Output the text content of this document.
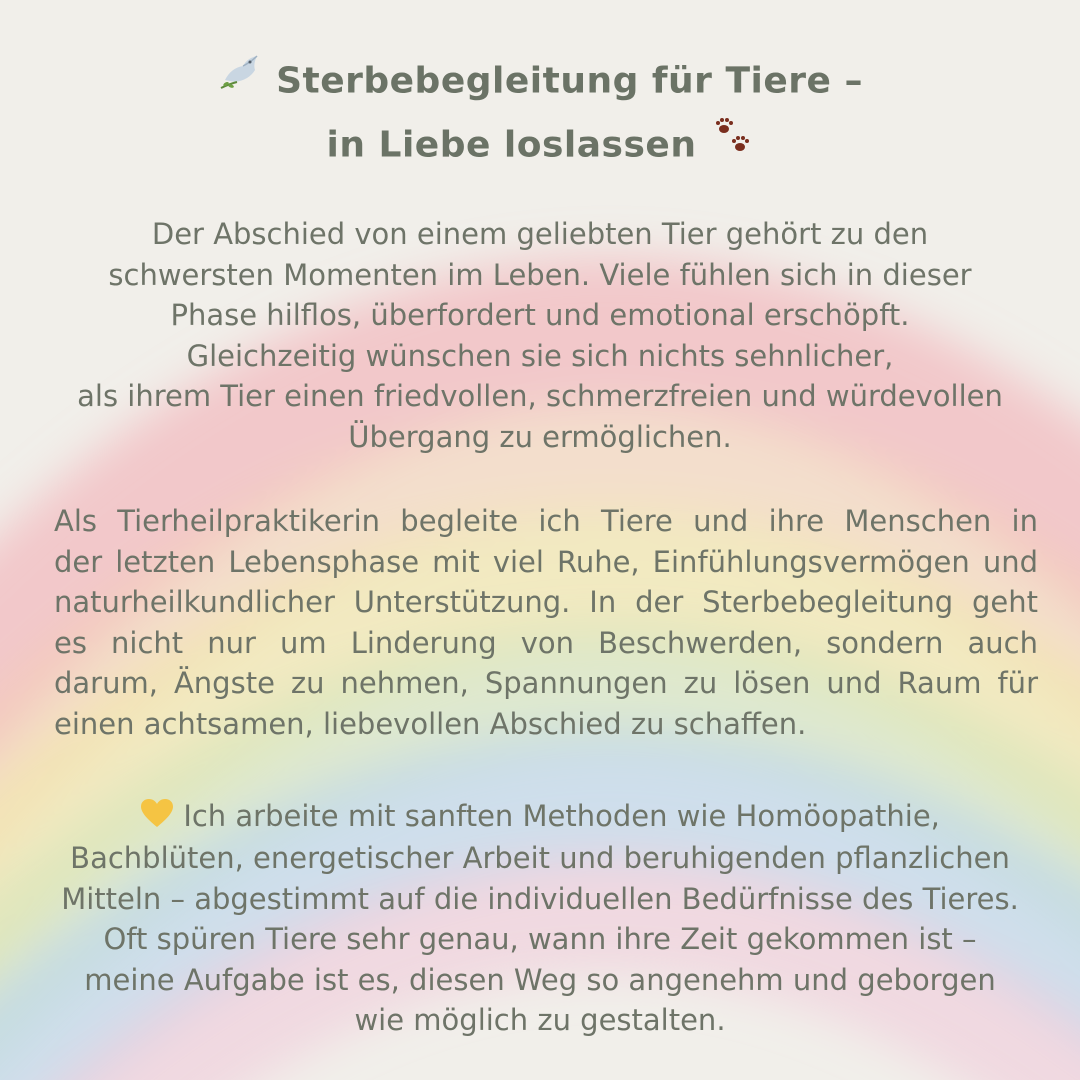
Sterbebegleitung für Tiere –
in Liebe loslassen
Der Abschied von einem geliebten Tier gehört zu den
schwersten Momenten im Leben. Viele fühlen sich in dieser
Phase hilflos, überfordert und emotional erschöpft.
Gleichzeitig wünschen sie sich nichts sehnlicher,
als ihrem Tier einen friedvollen, schmerzfreien und würdevollen
Übergang zu ermöglichen.
Als Tierheilpraktikerin begleite ich Tiere und ihre Menschen in
der letzten Lebensphase mit viel Ruhe, Einfühlungsvermögen und
naturheilkundlicher Unterstützung. In der Sterbebegleitung geht
es nicht nur um Linderung von Beschwerden, sondern auch
darum, Ängste zu nehmen, Spannungen zu lösen und Raum für
einen achtsamen, liebevollen Abschied zu schaffen.
Ich arbeite mit sanften Methoden wie Homöopathie,
Bachblüten, energetischer Arbeit und beruhigenden pflanzlichen
Mitteln – abgestimmt auf die individuellen Bedürfnisse des Tieres.
Oft spüren Tiere sehr genau, wann ihre Zeit gekommen ist –
meine Aufgabe ist es, diesen Weg so angenehm und geborgen
wie möglich zu gestalten.
